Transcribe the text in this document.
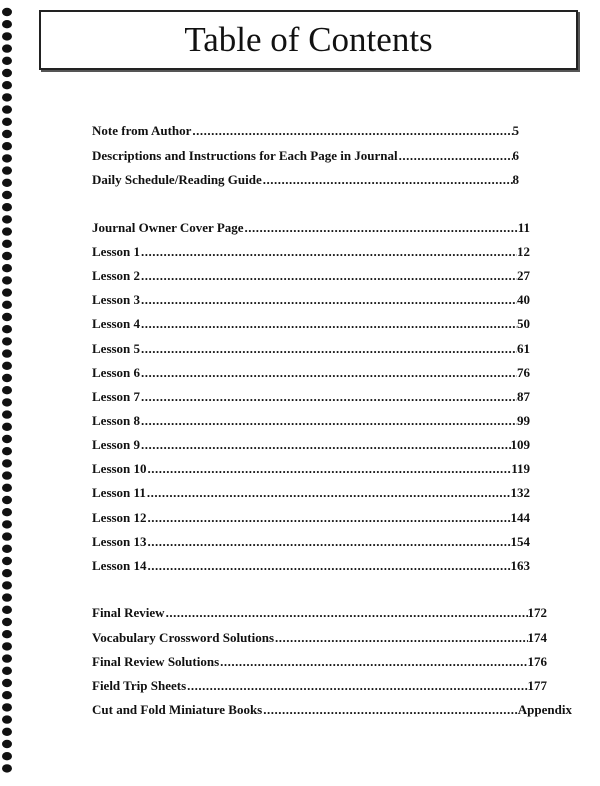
Table of Contents
Note from Author .....	5
Descriptions and Instructions for Each Page in Journal .....	6
Daily Schedule/Reading Guide .....	8
Journal Owner Cover Page .....	11
Lesson 1 .....	12
Lesson 2 .....	27
Lesson 3 .....	40
Lesson 4 .....	50
Lesson 5 .....	61
Lesson 6 .....	76
Lesson 7 .....	87
Lesson 8 .....	99
Lesson 9 .....	109
Lesson 10 .....	119
Lesson 11 .....	132
Lesson 12 .....	144
Lesson 13 .....	154
Lesson 14 .....	163
Final Review .....	172
Vocabulary Crossword Solutions .....	174
Final Review Solutions .....	176
Field Trip Sheets .....	177
Cut and Fold Miniature Books .....	Appendix
